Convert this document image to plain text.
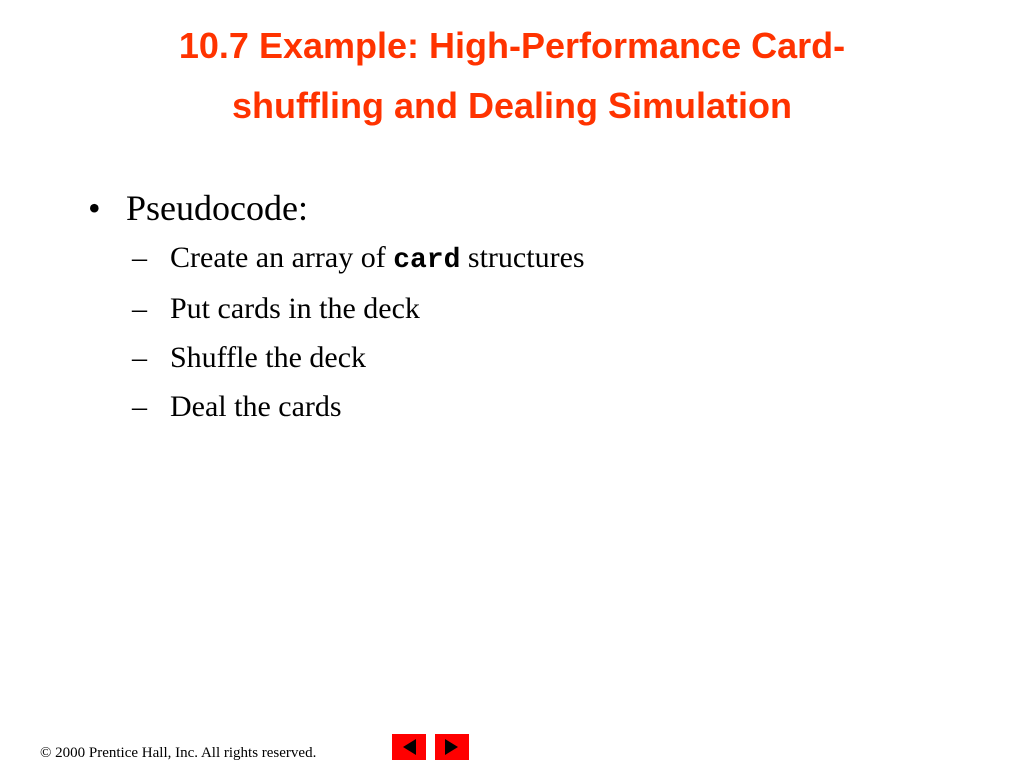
10.7 Example: High-Performance Card-
shuffling and Dealing Simulation
• Pseudocode:
– Create an array of card structures
– Put cards in the deck
– Shuffle the deck
– Deal the cards
© 2000 Prentice Hall, Inc. All rights reserved.
